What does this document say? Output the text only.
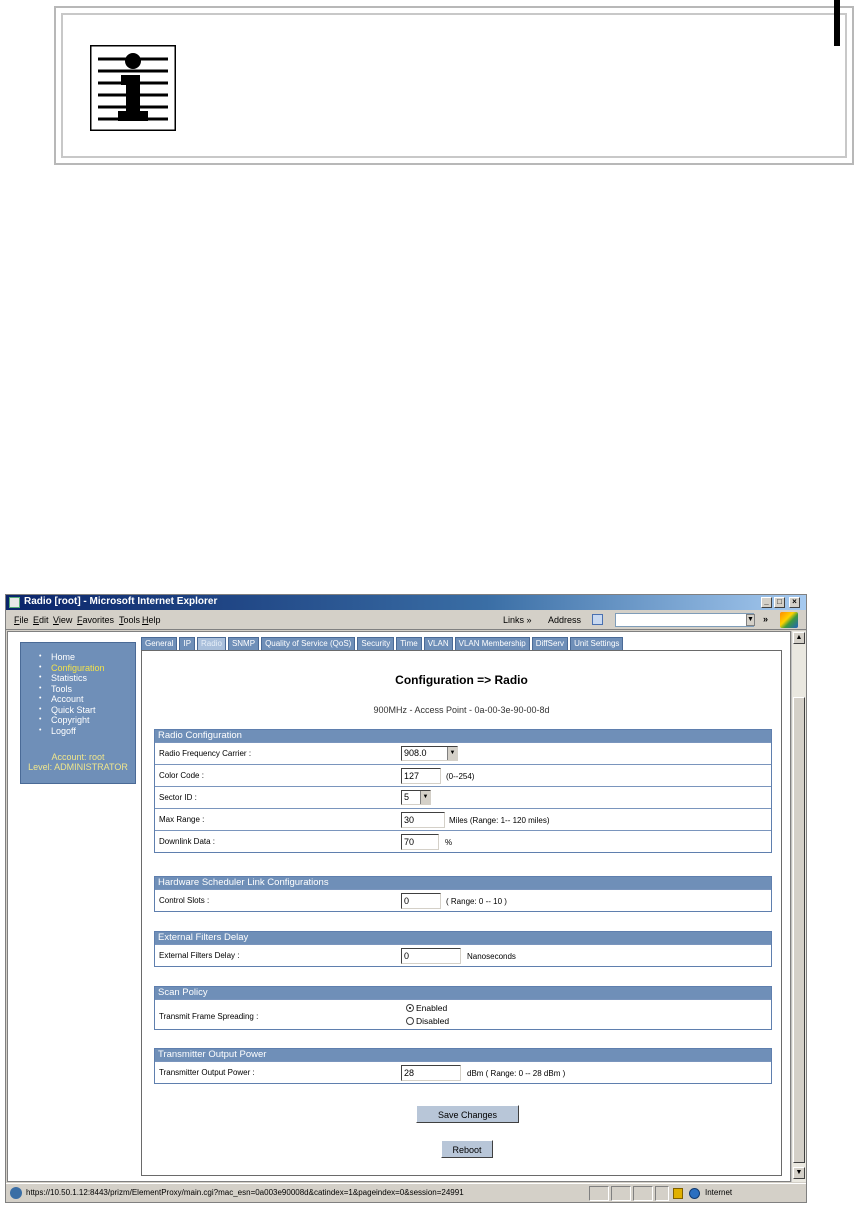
Radio [root] - Microsoft Internet Explorer	_	□	×
File Edit View Favorites Tools Help	Links » Address	▼ »
• Home
• Configuration
• Statistics
• Tools
• Account
• Quick Start
• Copyright
• Logoff
Account: root
Level: ADMINISTRATOR
General	IP	Radio	SNMP	Quality of Service (QoS)	Security	Time	VLAN	VLAN Membership	DiffServ	Unit Settings
Configuration => Radio
900MHz - Access Point - 0a-00-3e-90-00-8d
Radio Configuration
Radio Frequency Carrier :	908.0	▼
Color Code :
127	(0--254)
Sector ID :	5	▼
Max Range :
30	Miles (Range: 1-- 120 miles)
Downlink Data :
70	%
Hardware Scheduler Link Configurations
Control Slots :
0	( Range: 0 -- 10 )
External Filters Delay
External Filters Delay :
0	Nanoseconds
Scan Policy
Transmit Frame Spreading :
Enabled
Disabled
Transmitter Output Power
Transmitter Output Power :
28	dBm ( Range: 0 -- 28 dBm )
Save Changes
Reboot
▲
▼
https://10.50.1.12:8443/prizm/ElementProxy/main.cgi?mac_esn=0a003e90008d&catindex=1&pageindex=0&session=24991	Internet
